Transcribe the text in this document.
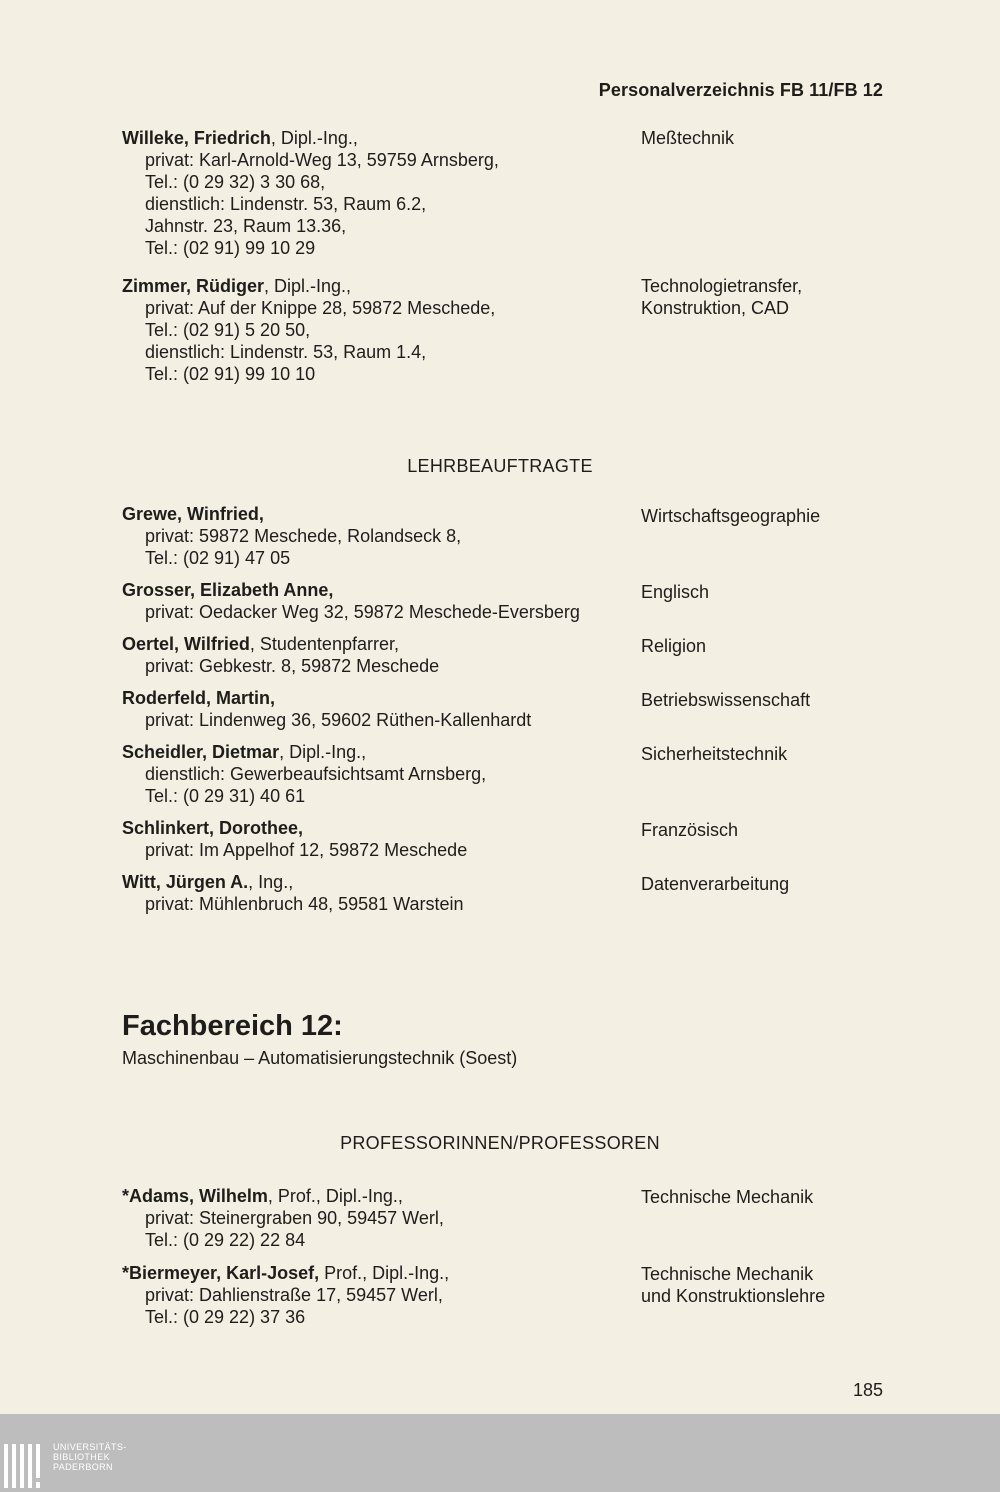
Personalverzeichnis FB 11/FB 12
Willeke, Friedrich, Dipl.-Ing.,
privat: Karl-Arnold-Weg 13, 59759 Arnsberg,
Tel.: (0 29 32) 3 30 68,
dienstlich: Lindenstr. 53, Raum 6.2,
Jahnstr. 23, Raum 13.36,
Tel.: (02 91) 99 10 29
Meßtechnik
Zimmer, Rüdiger, Dipl.-Ing.,
privat: Auf der Knippe 28, 59872 Meschede,
Tel.: (02 91) 5 20 50,
dienstlich: Lindenstr. 53, Raum 1.4,
Tel.: (02 91) 99 10 10
Technologietransfer,
Konstruktion, CAD
LEHRBEAUFTRAGTE
Grewe, Winfried,
privat: 59872 Meschede, Rolandseck 8,
Tel.: (02 91) 47 05
Wirtschaftsgeographie
Grosser, Elizabeth Anne,
privat: Oedacker Weg 32, 59872 Meschede-Eversberg
Englisch
Oertel, Wilfried, Studentenpfarrer,
privat: Gebkestr. 8, 59872 Meschede
Religion
Roderfeld, Martin,
privat: Lindenweg 36, 59602 Rüthen-Kallenhardt
Betriebswissenschaft
Scheidler, Dietmar, Dipl.-Ing.,
dienstlich: Gewerbeaufsichtsamt Arnsberg,
Tel.: (0 29 31) 40 61
Sicherheitstechnik
Schlinkert, Dorothee,
privat: Im Appelhof 12, 59872 Meschede
Französisch
Witt, Jürgen A., Ing.,
privat: Mühlenbruch 48, 59581 Warstein
Datenverarbeitung
Fachbereich 12:
Maschinenbau – Automatisierungstechnik (Soest)
PROFESSORINNEN/PROFESSOREN
*Adams, Wilhelm, Prof., Dipl.-Ing.,
privat: Steinergraben 90, 59457 Werl,
Tel.: (0 29 22) 22 84
Technische Mechanik
*Biermeyer, Karl-Josef, Prof., Dipl.-Ing.,
privat: Dahlienstraße 17, 59457 Werl,
Tel.: (0 29 22) 37 36
Technische Mechanik
und Konstruktionslehre
185
UNIVERSITÄTS-
BIBLIOTHEK
PADERBORN
